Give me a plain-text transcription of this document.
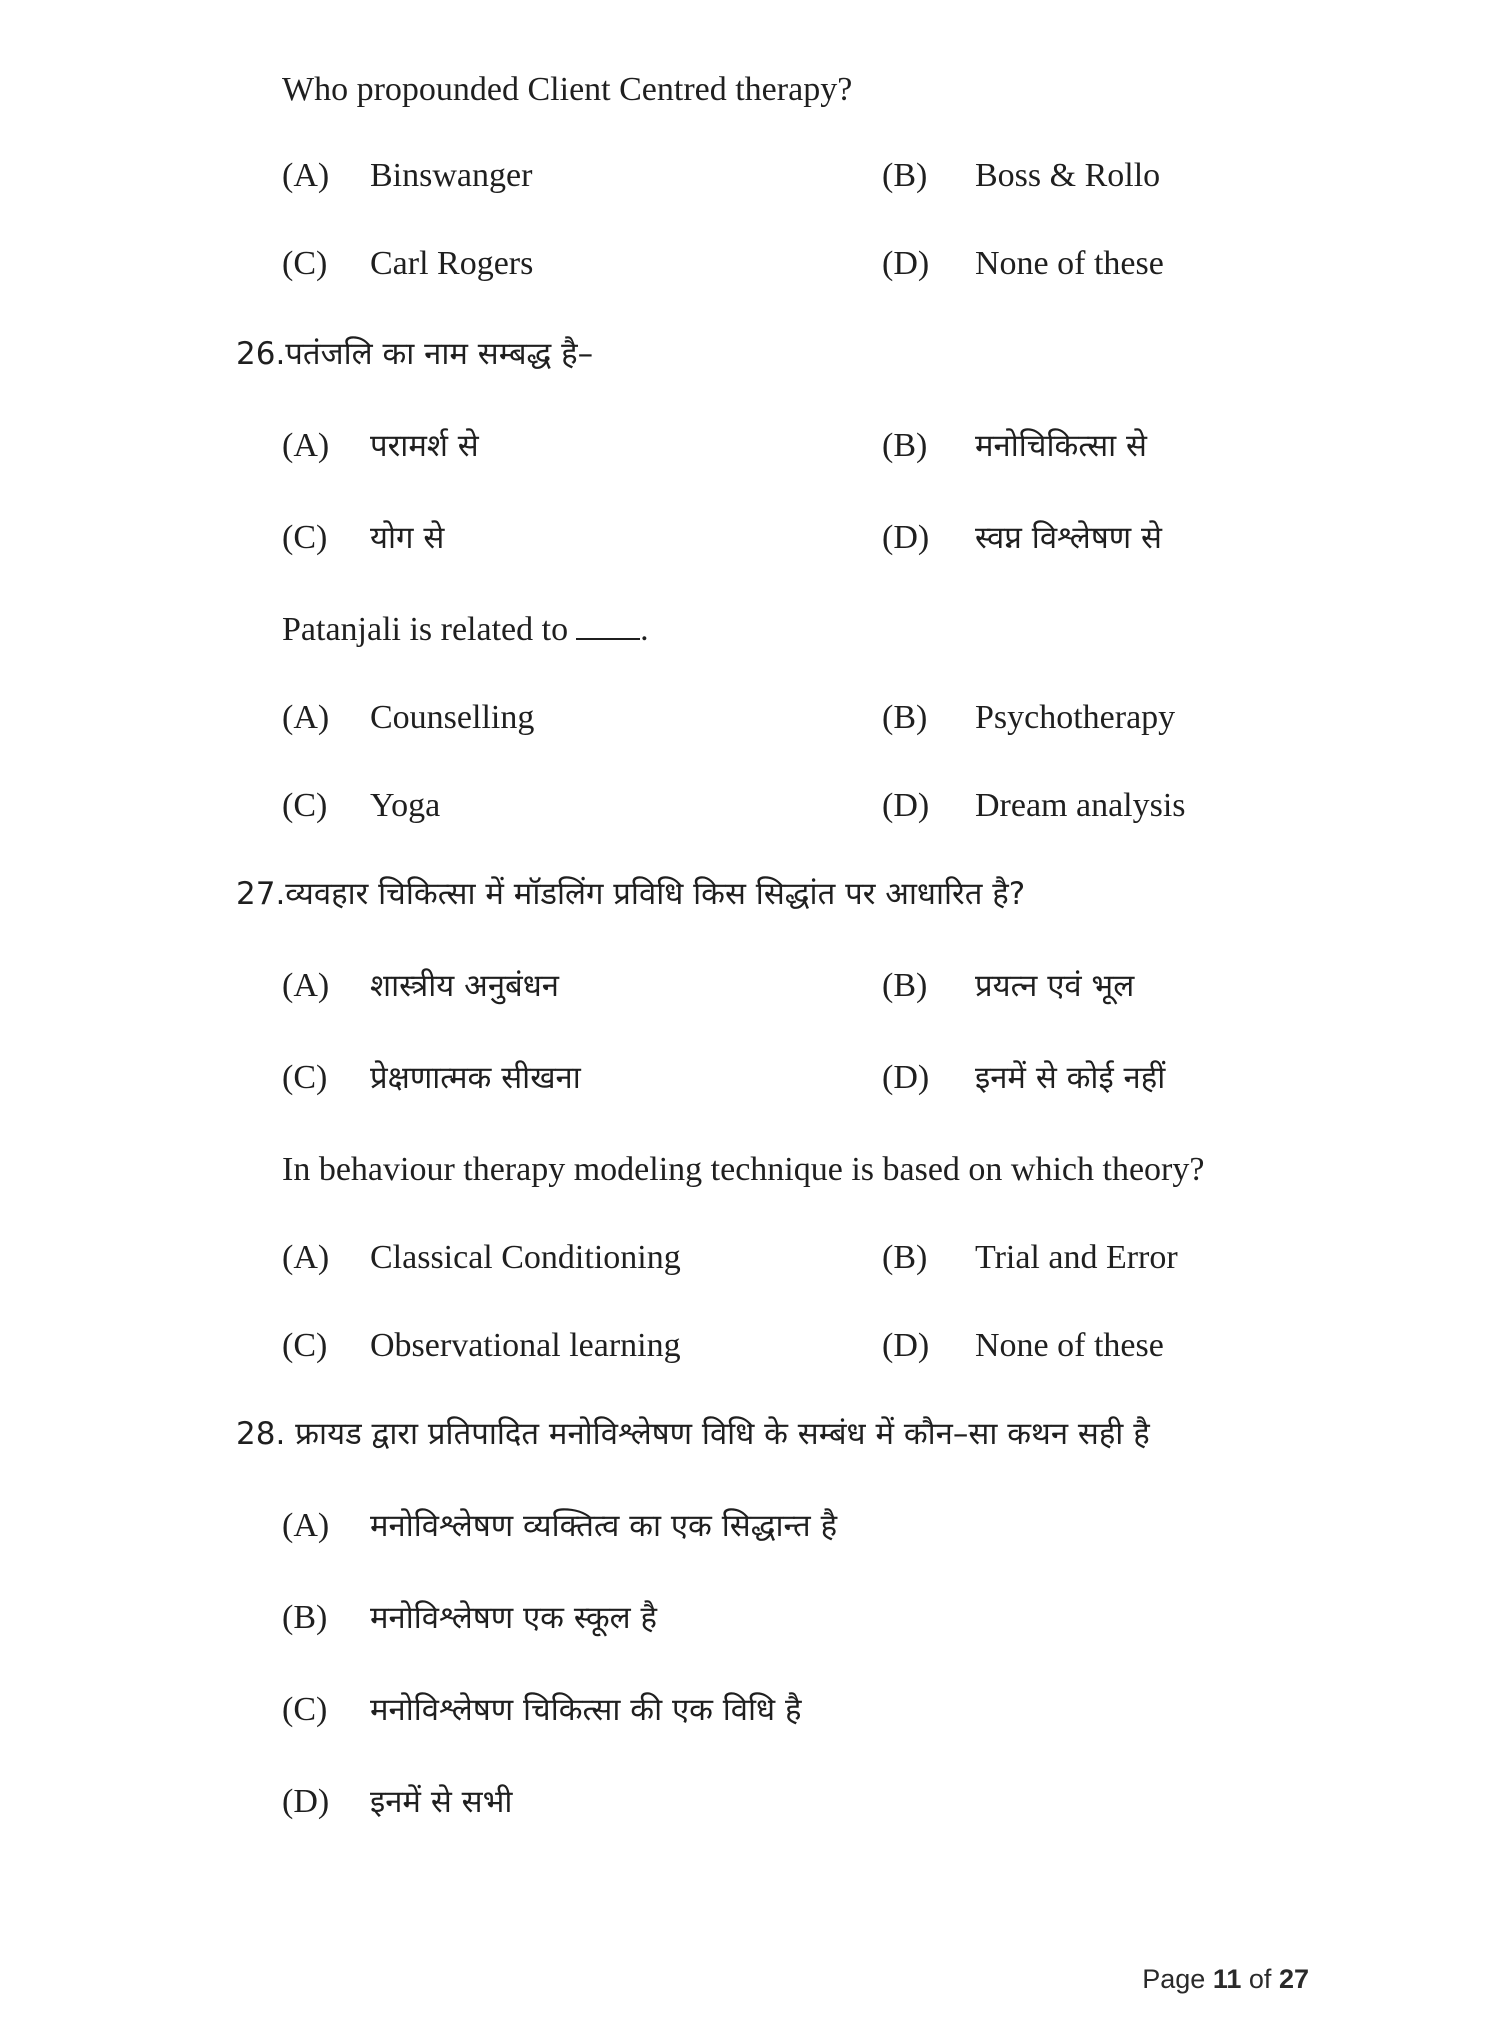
Who propounded Client Centred therapy?
(A) Binswanger	(B) Boss & Rollo
(C) Carl Rogers	(D) None of these
26.पतंजलि का नाम सम्बद्ध है–
(A) परामर्श से	(B) मनोचिकित्सा से
(C) योग से	(D) स्वप्न विश्लेषण से
Patanjali is related to .
(A) Counselling	(B) Psychotherapy
(C) Yoga	(D) Dream analysis
27.व्यवहार चिकित्सा में मॉडलिंग प्रविधि किस सिद्धांत पर आधारित है?
(A) शास्त्रीय अनुबंधन	(B) प्रयत्न एवं भूल
(C) प्रेक्षणात्मक सीखना	(D) इनमें से कोई नहीं
In behaviour therapy modeling technique is based on which theory?
(A) Classical Conditioning	(B) Trial and Error
(C) Observational learning	(D) None of these
28. फ्रायड द्वारा प्रतिपादित मनोविश्लेषण विधि के सम्बंध में कौन–सा कथन सही है
(A) मनोविश्लेषण व्यक्तित्व का एक सिद्धान्त है
(B) मनोविश्लेषण एक स्कूल है
(C) मनोविश्लेषण चिकित्सा की एक विधि है
(D) इनमें से सभी
Page 11 of 27
